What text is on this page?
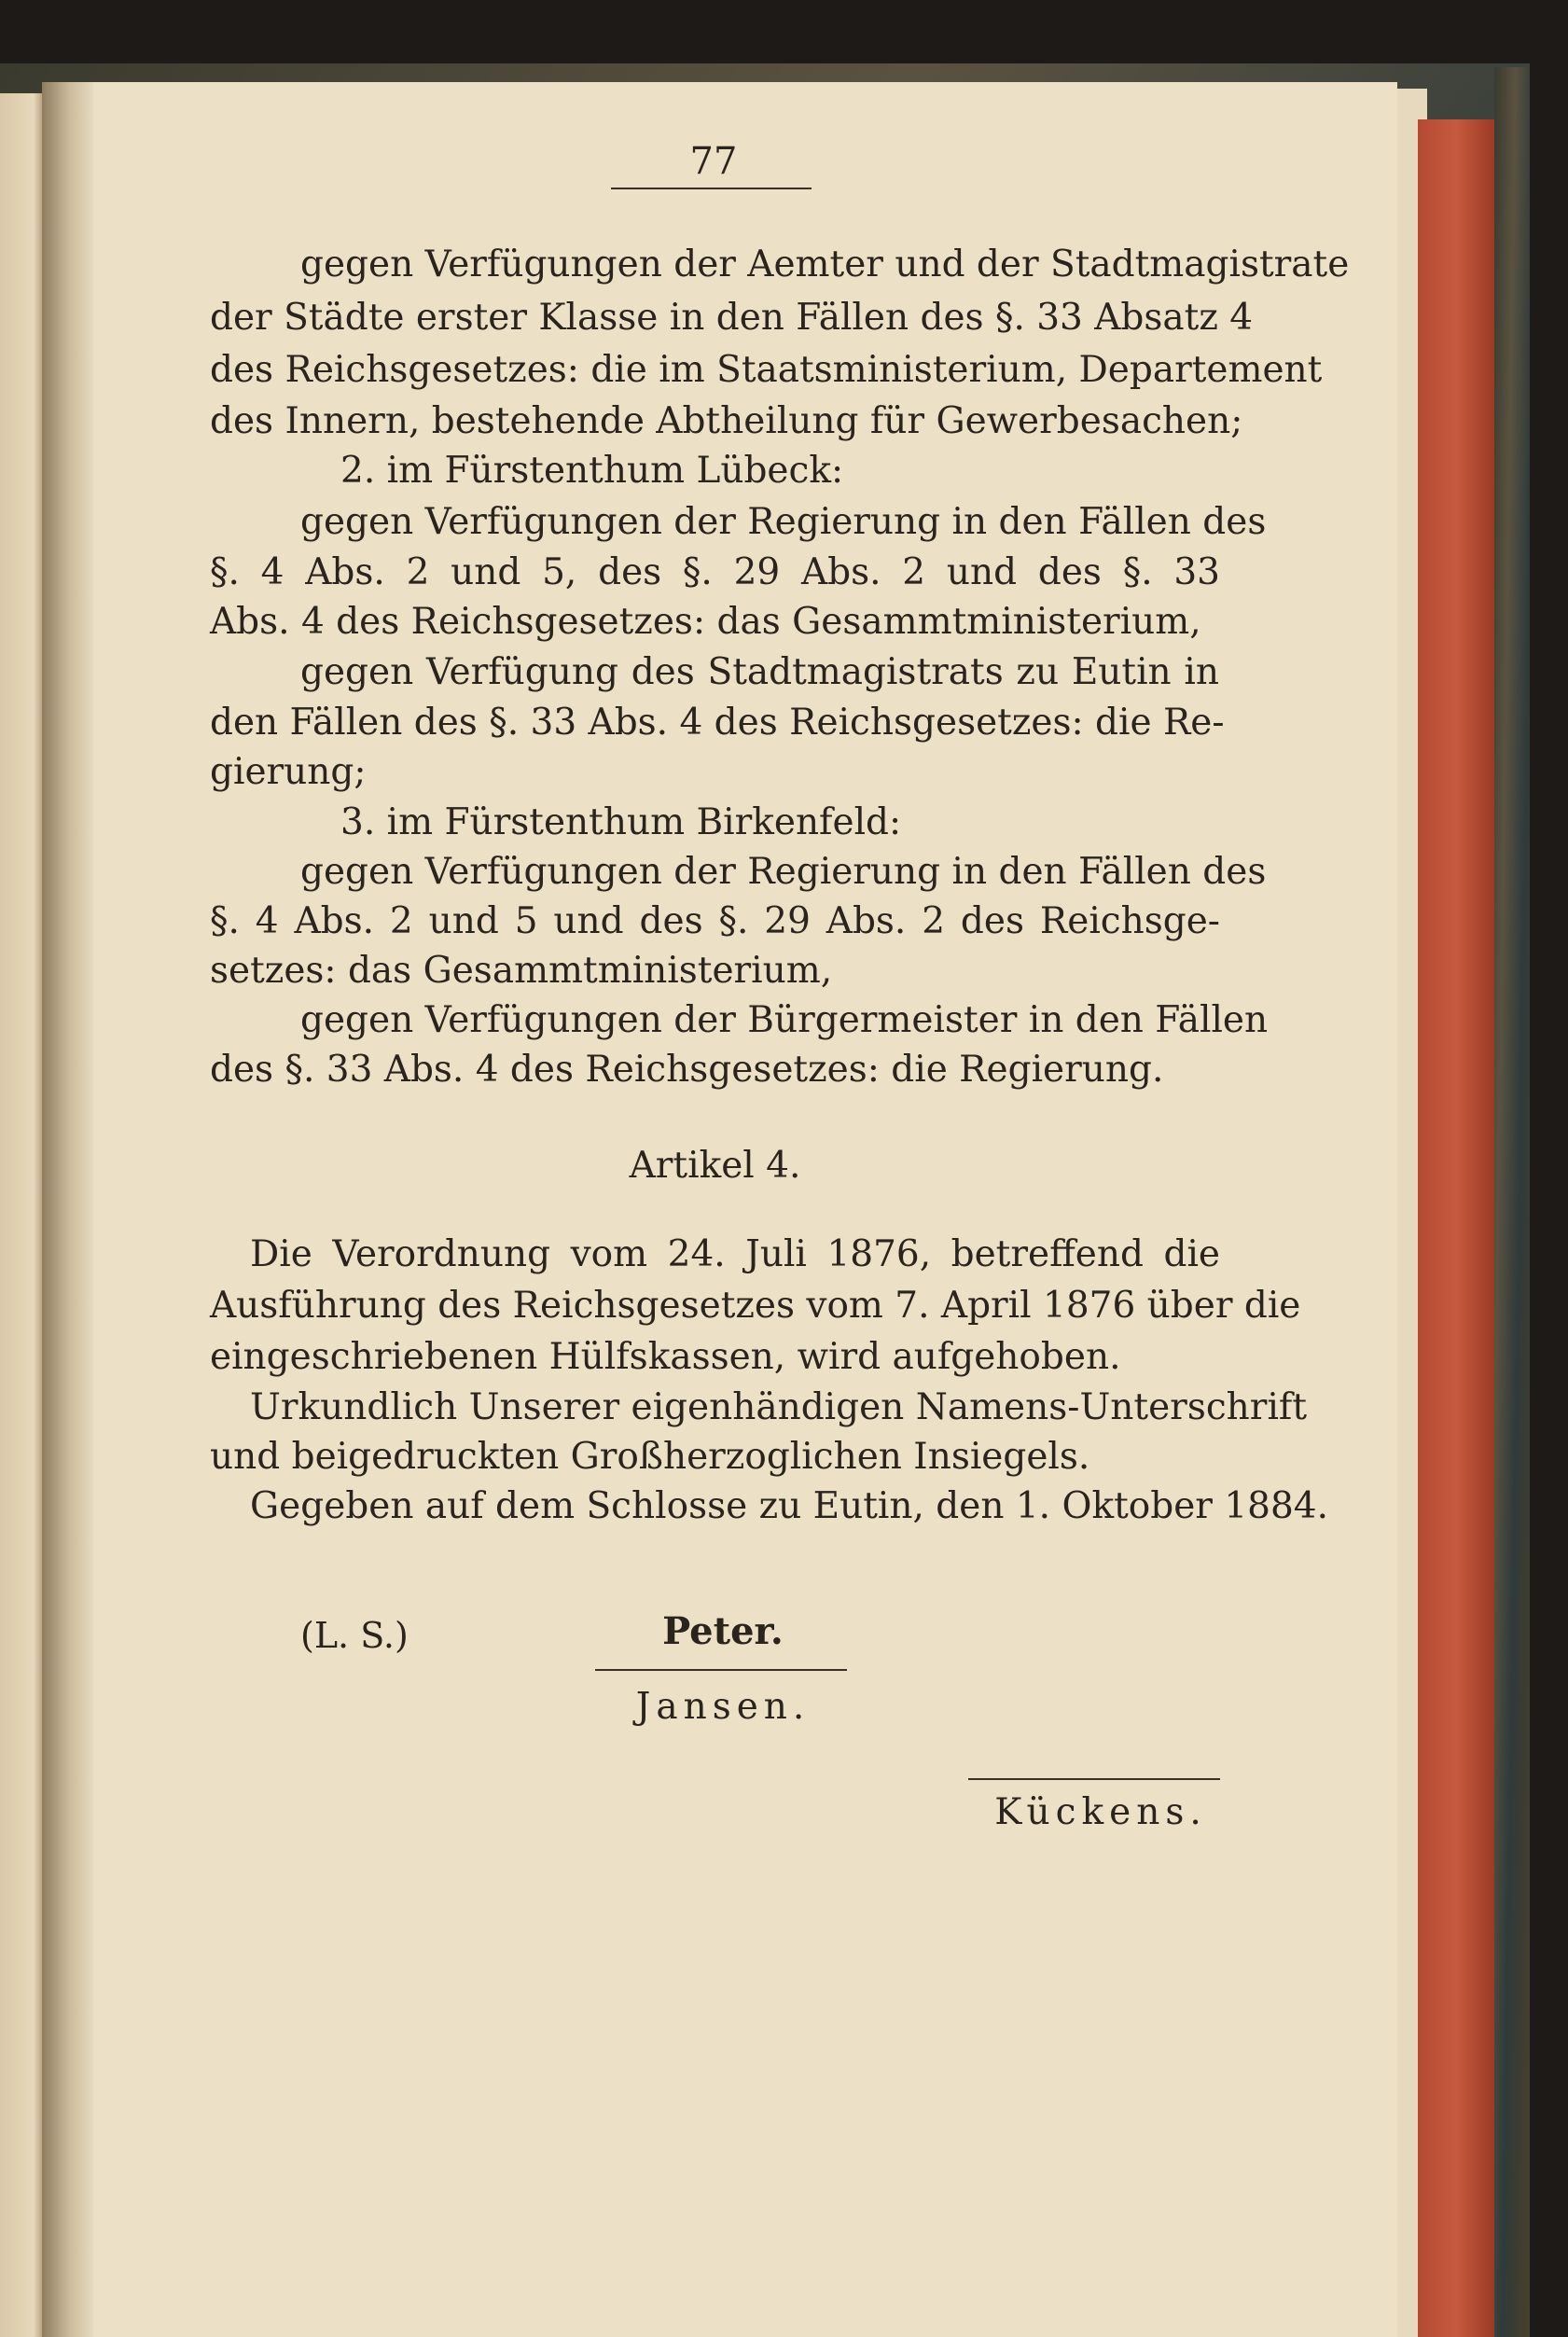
77
gegen Verfügungen der Aemter und der Stadtmagistrate
der Städte erster Klasse in den Fällen des §. 33 Absatz 4
des Reichsgesetzes: die im Staatsministerium, Departement
des Innern, bestehende Abtheilung für Gewerbesachen;
2. im Fürstenthum Lübeck:
gegen Verfügungen der Regierung in den Fällen des
§. 4 Abs. 2 und 5, des §. 29 Abs. 2 und des §. 33
Abs. 4 des Reichsgesetzes: das Gesammtministerium,
gegen Verfügung des Stadtmagistrats zu Eutin in
den Fällen des §. 33 Abs. 4 des Reichsgesetzes: die Re-
gierung;
3. im Fürstenthum Birkenfeld:
gegen Verfügungen der Regierung in den Fällen des
§. 4 Abs. 2 und 5 und des §. 29 Abs. 2 des Reichsge-
setzes: das Gesammtministerium,
gegen Verfügungen der Bürgermeister in den Fällen
des §. 33 Abs. 4 des Reichsgesetzes: die Regierung.
Artikel 4.
Die Verordnung vom 24. Juli 1876, betreffend die
Ausführung des Reichsgesetzes vom 7. April 1876 über die
eingeschriebenen Hülfskassen, wird aufgehoben.
Urkundlich Unserer eigenhändigen Namens-Unterschrift
und beigedruckten Großherzoglichen Insiegels.
Gegeben auf dem Schlosse zu Eutin, den 1. Oktober 1884.
(L. S.)	Peter.
Jansen.
Kückens.
